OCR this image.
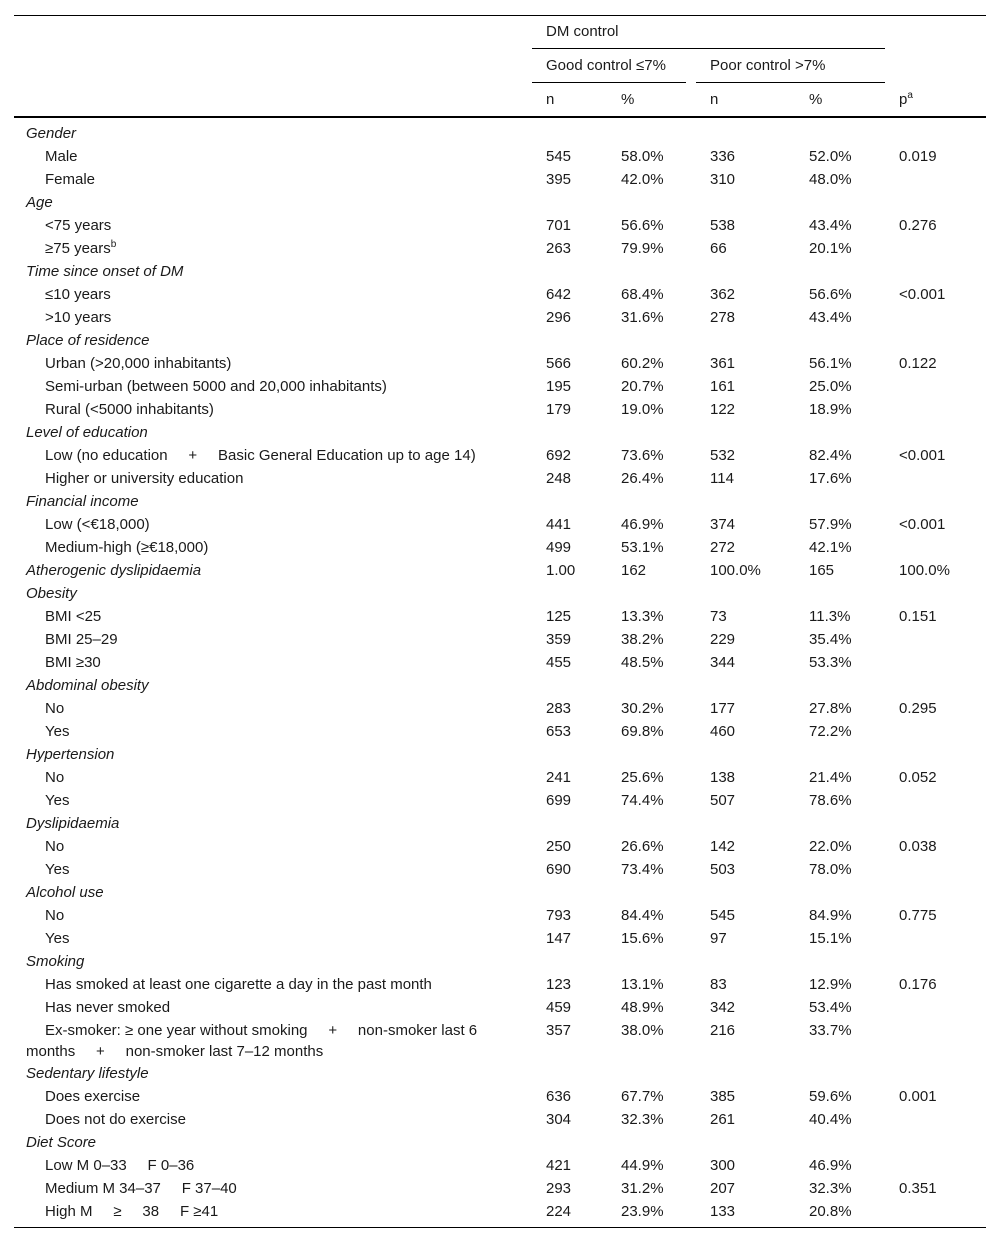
	DM control				

	Good control ≤7%		Poor control >7%		

	n	%	n	%	$p^a$

Gender					
Male	545	58.0%	336	52.0%	0.019
Female	395	42.0%	310	48.0%	
Age					
<75 years	701	56.6%	538	43.4%	0.276
≥75 years$^b$	263	79.9%	66	20.1%	
Time since onset of DM					
≤10 years	642	68.4%	362	56.6%	<0.001
>10 years	296	31.6%	278	43.4%	
Place of residence					
Urban (>20,000 inhabitants)	566	60.2%	361	56.1%	0.122
Semi-urban (between 5000 and 20,000 inhabitants)	195	20.7%	161	25.0%	
Rural (<5000 inhabitants)	179	19.0%	122	18.9%	
Level of education					
Low (no education     +     Basic General Education up to age 14)	692	73.6%	532	82.4%	<0.001
Higher or university education	248	26.4%	114	17.6%	
Financial income					
Low (<€18,000)	441	46.9%	374	57.9%	<0.001
Medium-high (≥€18,000)	499	53.1%	272	42.1%	
Atherogenic dyslipidaemia	1.00	162	100.0%	165	100.0%
Obesity					
BMI <25	125	13.3%	73	11.3%	0.151
BMI 25–29	359	38.2%	229	35.4%	
BMI ≥30	455	48.5%	344	53.3%	
Abdominal obesity					
No	283	30.2%	177	27.8%	0.295
Yes	653	69.8%	460	72.2%	
Hypertension					
No	241	25.6%	138	21.4%	0.052
Yes	699	74.4%	507	78.6%	
Dyslipidaemia					
No	250	26.6%	142	22.0%	0.038
Yes	690	73.4%	503	78.0%	
Alcohol use					
No	793	84.4%	545	84.9%	0.775
Yes	147	15.6%	97	15.1%	
Smoking					
Has smoked at least one cigarette a day in the past month	123	13.1%	83	12.9%	0.176
Has never smoked	459	48.9%	342	53.4%	

Ex-smoker: ≥ one year without smoking     +     non-smoker last 6
months     +     non-smoker last 7–12 months	357	38.0%	216	33.7%	
Sedentary lifestyle					
Does exercise	636	67.7%	385	59.6%	0.001
Does not do exercise	304	32.3%	261	40.4%	
Diet Score					
Low M 0–33     F 0–36	421	44.9%	300	46.9%	
Medium M 34–37     F 37–40	293	31.2%	207	32.3%	0.351
High M     ≥     38     F ≥41	224	23.9%	133	20.8%	
